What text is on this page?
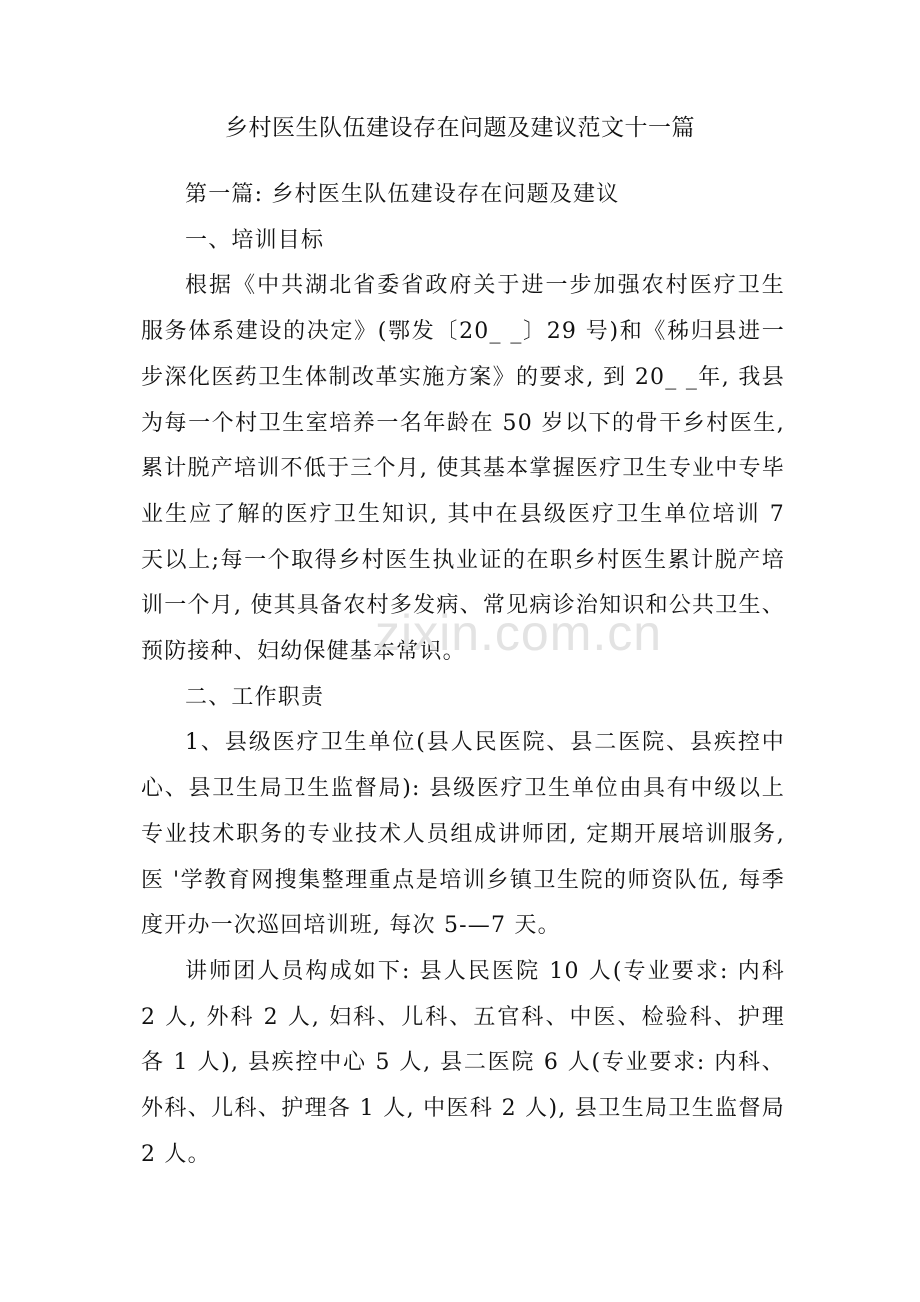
乡村医生队伍建设存在问题及建议范文十一篇

第一篇: 乡村医生队伍建设存在问题及建议

一、培训目标

根据《中共湖北省委省政府关于进一步加强农村医疗卫生服务体系建设的决定》(鄂发〔20_ _〕29 号)和《秭归县进一步深化医药卫生体制改革实施方案》的要求, 到 20_ _年, 我县为每一个村卫生室培养一名年龄在 50 岁以下的骨干乡村医生, 累计脱产培训不低于三个月, 使其基本掌握医疗卫生专业中专毕业生应了解的医疗卫生知识, 其中在县级医疗卫生单位培训 7 天以上;每一个取得乡村医生执业证的在职乡村医生累计脱产培训一个月, 使其具备农村多发病、常见病诊治知识和公共卫生、预防接种、妇幼保健基本常识。

二、工作职责

1、县级医疗卫生单位(县人民医院、县二医院、县疾控中心、县卫生局卫生监督局): 县级医疗卫生单位由具有中级以上专业技术职务的专业技术人员组成讲师团, 定期开展培训服务, 医 '学教育网搜集整理重点是培训乡镇卫生院的师资队伍, 每季度开办一次巡回培训班, 每次 5-—7 天。

讲师团人员构成如下: 县人民医院 10 人(专业要求: 内科 2 人, 外科 2 人, 妇科、儿科、五官科、中医、检验科、护理各 1 人), 县疾控中心 5 人, 县二医院 6 人(专业要求: 内科、外科、儿科、护理各 1 人, 中医科 2 人), 县卫生局卫生监督局 2 人。

zixin.com.cn
